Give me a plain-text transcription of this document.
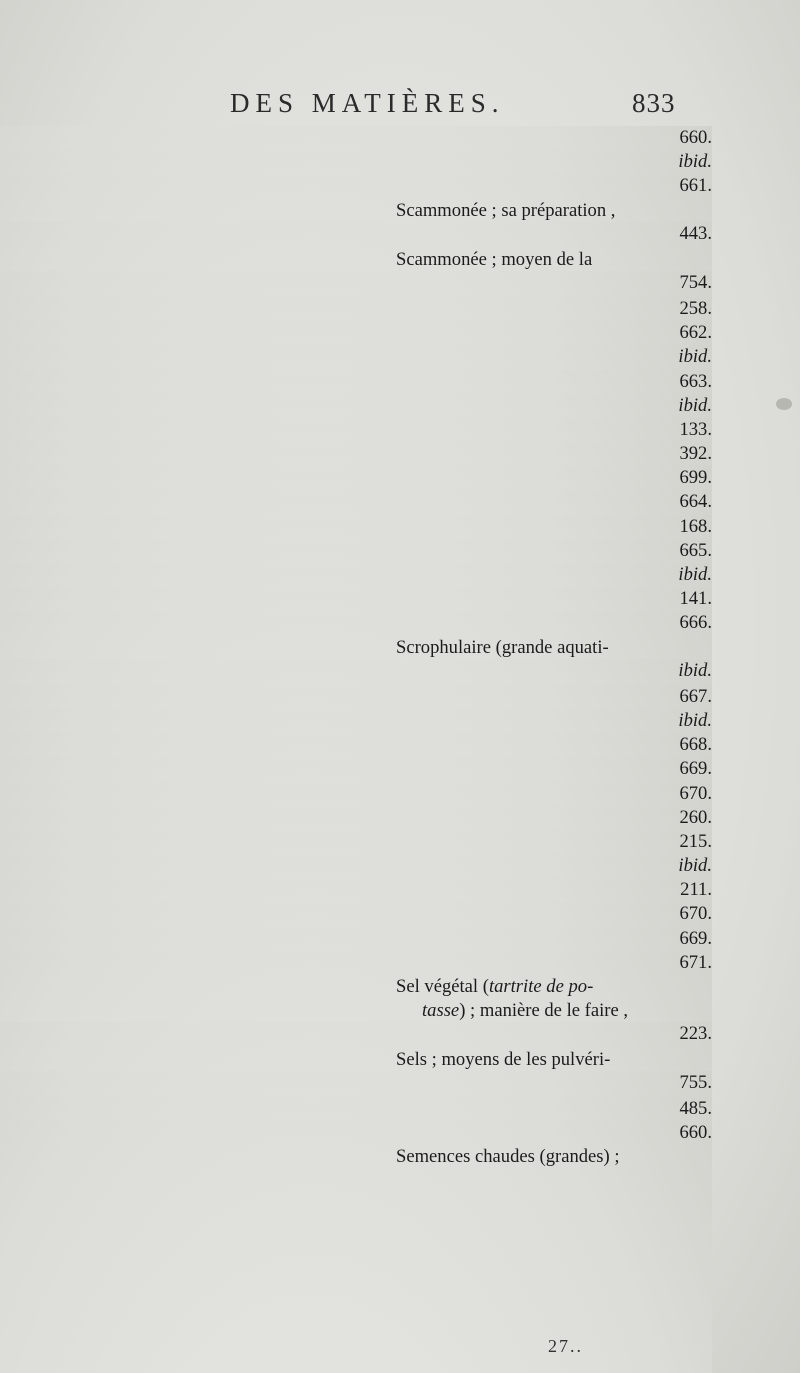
DES MATIÈRES.	833
660.
ibid.
661.
Scammonée ; sa préparation ,
443.
Scammonée ; moyen de la
754.
258.
662.
ibid.
663.
ibid.
133.
392.
699.
664.
168.
665.
ibid.
141.
666.
Scrophulaire (grande aquati-
ibid.
667.
ibid.
668.
669.
670.
260.
215.
ibid.
211.
670.
669.
671.
Sel végétal (tartrite de po-
tasse) ; manière de le faire ,
223.
Sels ; moyens de les pulvéri-
755.
485.
660.
Semences chaudes (grandes) ;
27..
